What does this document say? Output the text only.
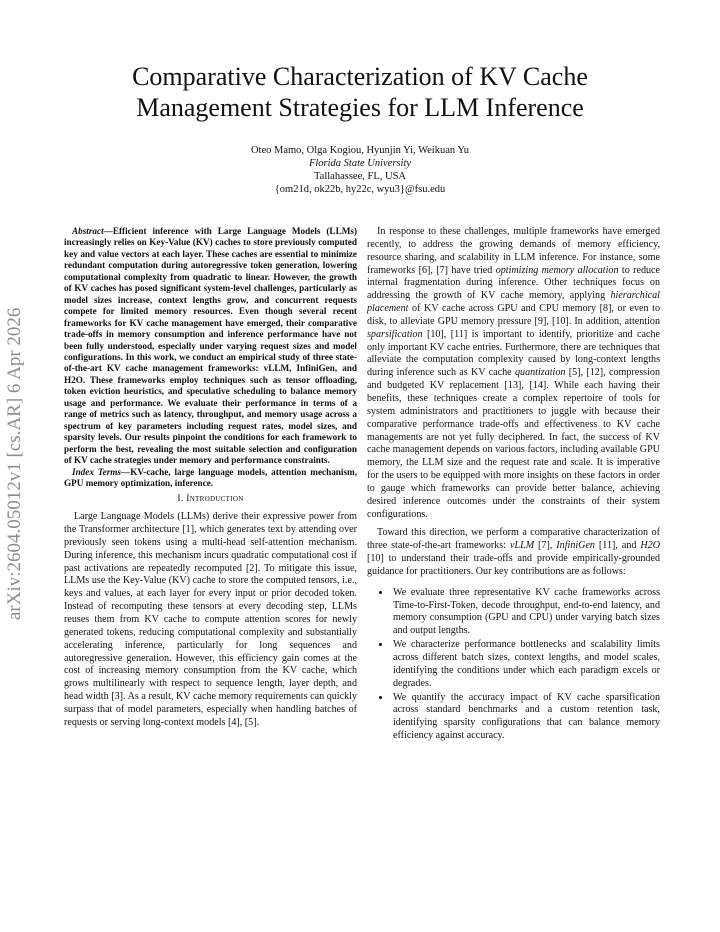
arXiv:2604.05012v1 [cs.AR] 6 Apr 2026
Comparative Characterization of KV Cache
Management Strategies for LLM Inference
Oteo Mamo, Olga Kogiou, Hyunjin Yi, Weikuan Yu
Florida State University
Tallahassee, FL, USA
{om21d, ok22b, hy22c, wyu3}@fsu.edu

Abstract—Efficient inference with Large Language Models (LLMs) increasingly relies on Key-Value (KV) caches to store previously computed key and value vectors at each layer. These caches are essential to minimize redundant computation during autoregressive token generation, lowering computational complexity from quadratic to linear. However, the growth of KV caches has posed significant system-level challenges, particularly as model sizes increase, context lengths grow, and concurrent requests compete for limited memory resources. Even though several recent frameworks for KV cache management have emerged, their comparative trade-offs in memory consumption and inference performance have not been fully understood, especially under varying request sizes and model configurations. In this work, we conduct an empirical study of three state-of-the-art KV cache management frameworks: vLLM, InfiniGen, and H2O. These frameworks employ techniques such as tensor offloading, token eviction heuristics, and speculative scheduling to balance memory usage and performance. We evaluate their performance in terms of a range of metrics such as latency, throughput, and memory usage across a spectrum of key parameters including request rates, model sizes, and sparsity levels. Our results pinpoint the conditions for each framework to perform the best, revealing the most suitable selection and configuration of KV cache strategies under memory and performance constraints.

Index Terms—KV-cache, large language models, attention mechanism, GPU memory optimization, inference.

I. Introduction

Large Language Models (LLMs) derive their expressive power from the Transformer architecture [1], which generates text by attending over previously seen tokens using a multi-head self-attention mechanism. During inference, this mechanism incurs quadratic computational cost if past activations are repeatedly recomputed [2]. To mitigate this issue, LLMs use the Key-Value (KV) cache to store the computed tensors, i.e., keys and values, at each layer for every input or prior decoded token. Instead of recomputing these tensors at every decoding step, LLMs reuses them from KV cache to compute attention scores for newly generated tokens, reducing computational complexity and substantially accelerating inference, particularly for long sequences and autoregressive generation. However, this efficiency gain comes at the cost of increasing memory consumption from the KV cache, which grows multilinearly with respect to sequence length, layer depth, and head width [3]. As a result, KV cache memory requirements can quickly surpass that of model parameters, especially when handling batches of requests or serving long-context models [4], [5].

In response to these challenges, multiple frameworks have emerged recently, to address the growing demands of memory efficiency, resource sharing, and scalability in LLM inference. For instance, some frameworks [6], [7] have tried optimizing memory allocation to reduce internal fragmentation during inference. Other techniques focus on addressing the growth of KV cache memory, applying hierarchical placement of KV cache across GPU and CPU memory [8], or even to disk, to alleviate GPU memory pressure [9], [10]. In addition, attention sparsification [10], [11] is important to identify, prioritize and cache only important KV cache entries. Furthermore, there are techniques that alleviate the computation complexity caused by long-context lengths during inference such as KV cache quantization [5], [12], compression and budgeted KV replacement [13], [14]. While each having their benefits, these techniques create a complex repertoire of tools for system administrators and practitioners to juggle with because their comparative performance trade-offs and effectiveness to KV cache managements are not yet fully deciphered. In fact, the success of KV cache management depends on various factors, including available GPU memory, the LLM size and the request rate and scale. It is imperative for the users to be equipped with more insights on these factors in order to gauge which frameworks can provide better balance, achieving desired inference outcomes under the constraints of their system configurations.

Toward this direction, we perform a comparative characterization of three state-of-the-art frameworks: vLLM [7], InfiniGen [11], and H2O [10] to understand their trade-offs and provide empirically-grounded guidance for practitioners. Our key contributions are as follows:

• We evaluate three representative KV cache frameworks across Time-to-First-Token, decode throughput, end-to-end latency, and memory consumption (GPU and CPU) under varying batch sizes and output lengths.
• We characterize performance bottlenecks and scalability limits across different batch sizes, context lengths, and model scales, identifying the conditions under which each paradigm excels or degrades.
• We quantify the accuracy impact of KV cache sparsification across standard benchmarks and a custom retention task, identifying sparsity configurations that can balance memory efficiency against accuracy.
